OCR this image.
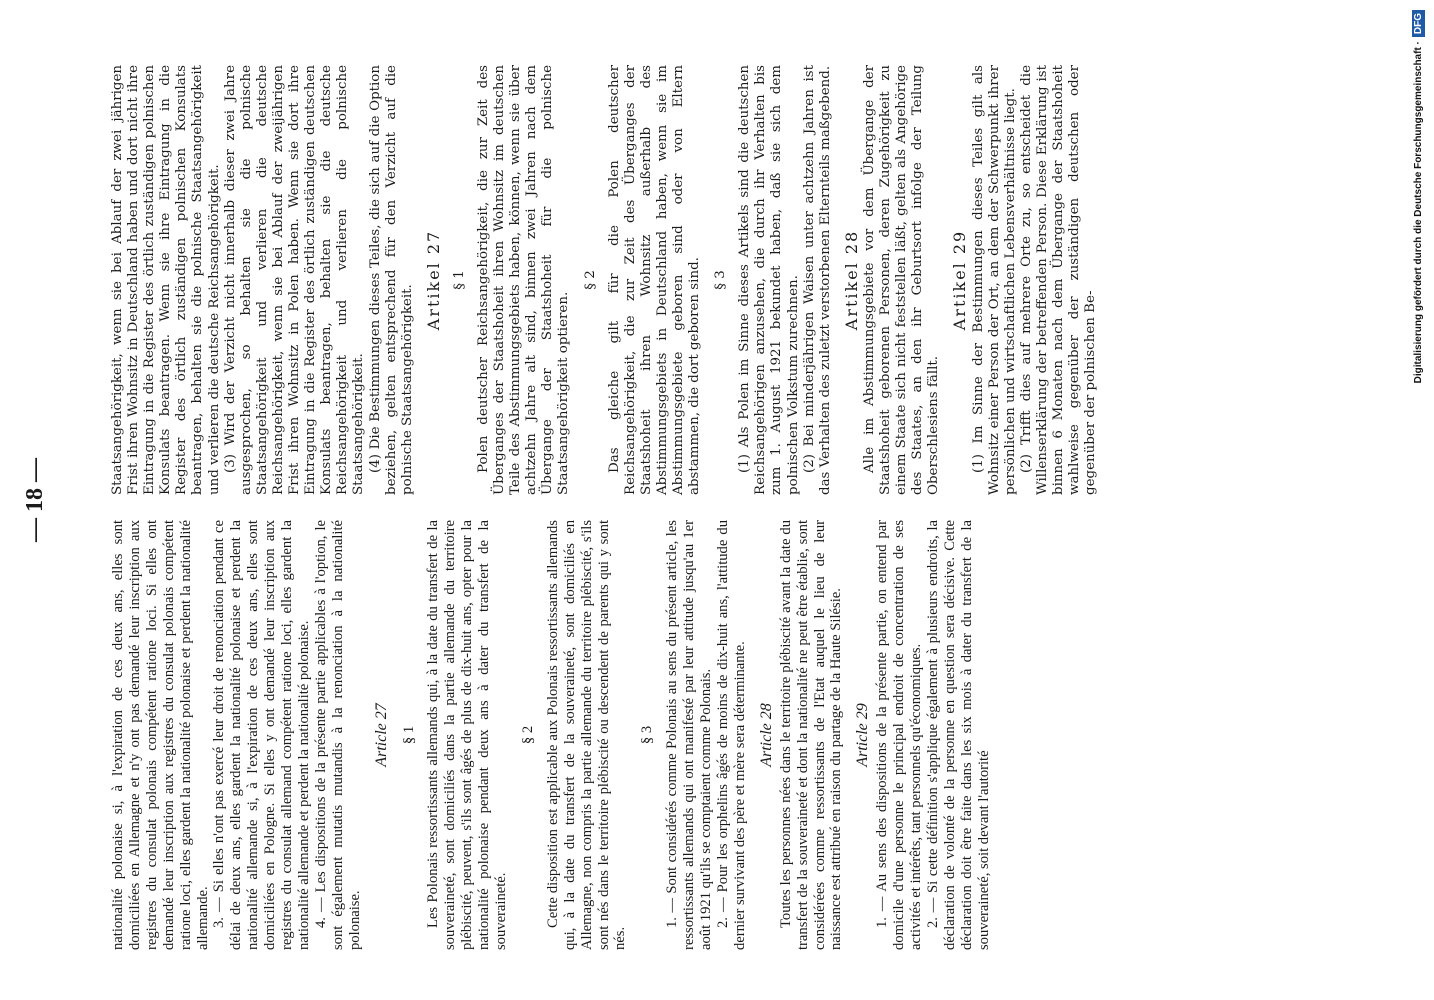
— 18 —

nationalité polonaise si, à l'expiration de ces deux ans, elles sont domiciliées en Allemagne et n'y ont pas demandé leur inscription aux registres du consulat polonais compétent ratione loci. Si elles ont demandé leur inscription aux registres du consulat polonais compétent ratione loci, elles gardent la nationalité polonaise et perdent la nationalité allemande. 3. — Si elles n'ont pas exercé leur droit de renonciation pendant ce délai de deux ans, elles gardent la nationalité polonaise et perdent la nationalité allemande si, à l'expiration de ces deux ans, elles sont domiciliées en Pologne. Si elles y ont demandé leur inscription aux registres du consulat allemand compétent ratione loci, elles gardent la nationalité allemande et perdent la nationalité polonaise. 4. — Les dispositions de la présente partie applicables à l'option, le sont également mutatis mutandis à la renonciation à la nationalité polonaise.

Article 27 § 1 Les Polonais ressortissants allemands qui, à la date du transfert de la souveraineté, sont domiciliés dans la partie allemande du territoire plébiscité, peuvent, s'ils sont âgés de plus de dix-huit ans, opter pour la nationalité polonaise pendant deux ans à dater du transfert de la souveraineté.

§ 2 Cette disposition est applicable aux Polonais ressortissants allemands qui, à la date du transfert de la souveraineté, sont domiciliés en Allemagne, non compris la partie allemande du territoire plébiscité, s'ils sont nés dans le territoire plébiscité ou descendent de parents qui y sont nés.

§ 3 1. — Sont considérés comme Polonais au sens du présent article, les ressortissants allemands qui ont manifesté par leur attitude jusqu'au 1er août 1921 qu'ils se comptaient comme Polonais. 2. — Pour les orphelins âgés de moins de dix-huit ans, l'attitude du dernier survivant des père et mère sera déterminante. Article 28 Toutes les personnes nées dans le territoire plébiscité avant la date du transfert de la souveraineté et dont la nationalité ne peut être établie, sont considérées comme ressortissants de l'Etat auquel le lieu de leur naissance est attribué en raison du partage de la Haute Silésie. Article 29 1. — Au sens des dispositions de la présente partie, on entend par domicile d'une personne le principal endroit de concentration de ses activités et intérêts, tant personnels qu'économiques. 2. — Si cette définition s'applique également à plusieurs endroits, la déclaration de volonté de la personne en question sera décisive. Cette déclaration doit être faite dans les six mois à dater du transfert de la souveraineté, soit devant l'autorité

Staatsangehörigkeit, wenn sie bei Ablauf der zwei jährigen Frist ihren Wohnsitz in Deutschland haben und dort nicht ihre Eintragung in die Register des örtlich zuständigen polnischen Konsulats beantragen. Wenn sie ihre Eintragung in die Register des örtlich zuständigen polnischen Konsulats beantragen, behalten sie die polnische Staatsangehörigkeit und verlieren die deutsche Reichsangehörigkeit. (3) Wird der Verzicht nicht innerhalb dieser zwei Jahre ausgesprochen, so behalten sie die polnische Staatsangehörigkeit und verlieren die deutsche Reichsangehörigkeit, wenn sie bei Ablauf der zweijährigen Frist ihren Wohnsitz in Polen haben. Wenn sie dort ihre Eintragung in die Register des örtlich zuständigen deutschen Konsulats beantragen, behalten sie die deutsche Reichsangehörigkeit und verlieren die polnische Staatsangehörigkeit. (4) Die Bestimmungen dieses Teiles, die sich auf die Option beziehen, gelten entsprechend für den Verzicht auf die polnische Staatsangehörigkeit.

Artikel 27 § 1 Polen deutscher Reichsangehörigkeit, die zur Zeit des Überganges der Staatshoheit ihren Wohnsitz im deutschen Teile des Abstimmungsgebiets haben, können, wenn sie über achtzehn Jahre alt sind, binnen zwei Jahren nach dem Übergange der Staatshoheit für die polnische Staatsangehörigkeit optieren.

§ 2 Das gleiche gilt für die Polen deutscher Reichsangehörigkeit, die zur Zeit des Überganges der Staatshoheit ihren Wohnsitz außerhalb des Abstimmungsgebiets in Deutschland haben, wenn sie im Abstimmungsgebiete geboren sind oder von Eltern abstammen, die dort geboren sind. § 3 (1) Als Polen im Sinne dieses Artikels sind die deutschen Reichsangehörigen anzusehen, die durch ihr Verhalten bis zum 1. August 1921 bekundet haben, daß sie sich dem polnischen Volkstum zurechnen. (2) Bei minderjährigen Waisen unter achtzehn Jahren ist das Verhalten des zuletzt verstorbenen Elternteils maßgebend. Artikel 28 Alle im Abstimmungsgebiete vor dem Übergange der Staatshoheit geborenen Personen, deren Zugehörigkeit zu einem Staate sich nicht feststellen läßt, gelten als Angehörige des Staates, an den ihr Geburtsort infolge der Teilung Oberschlesiens fällt.

Artikel 29 (1) Im Sinne der Bestimmungen dieses Teiles gilt als Wohnsitz einer Person der Ort, an dem der Schwerpunkt ihrer persönlichen und wirtschaftlichen Lebensverhältnisse liegt. (2) Trifft dies auf mehrere Orte zu, so entscheidet die Willenserklärung der betreffenden Person. Diese Erklärung ist binnen 6 Monaten nach dem Übergange der Staatshoheit wahlweise gegenüber der zuständigen deutschen oder gegenüber der polnischen Be-

Digitalisierung gefördert durch die Deutsche Forschungsgemeinschaft ·DFG
